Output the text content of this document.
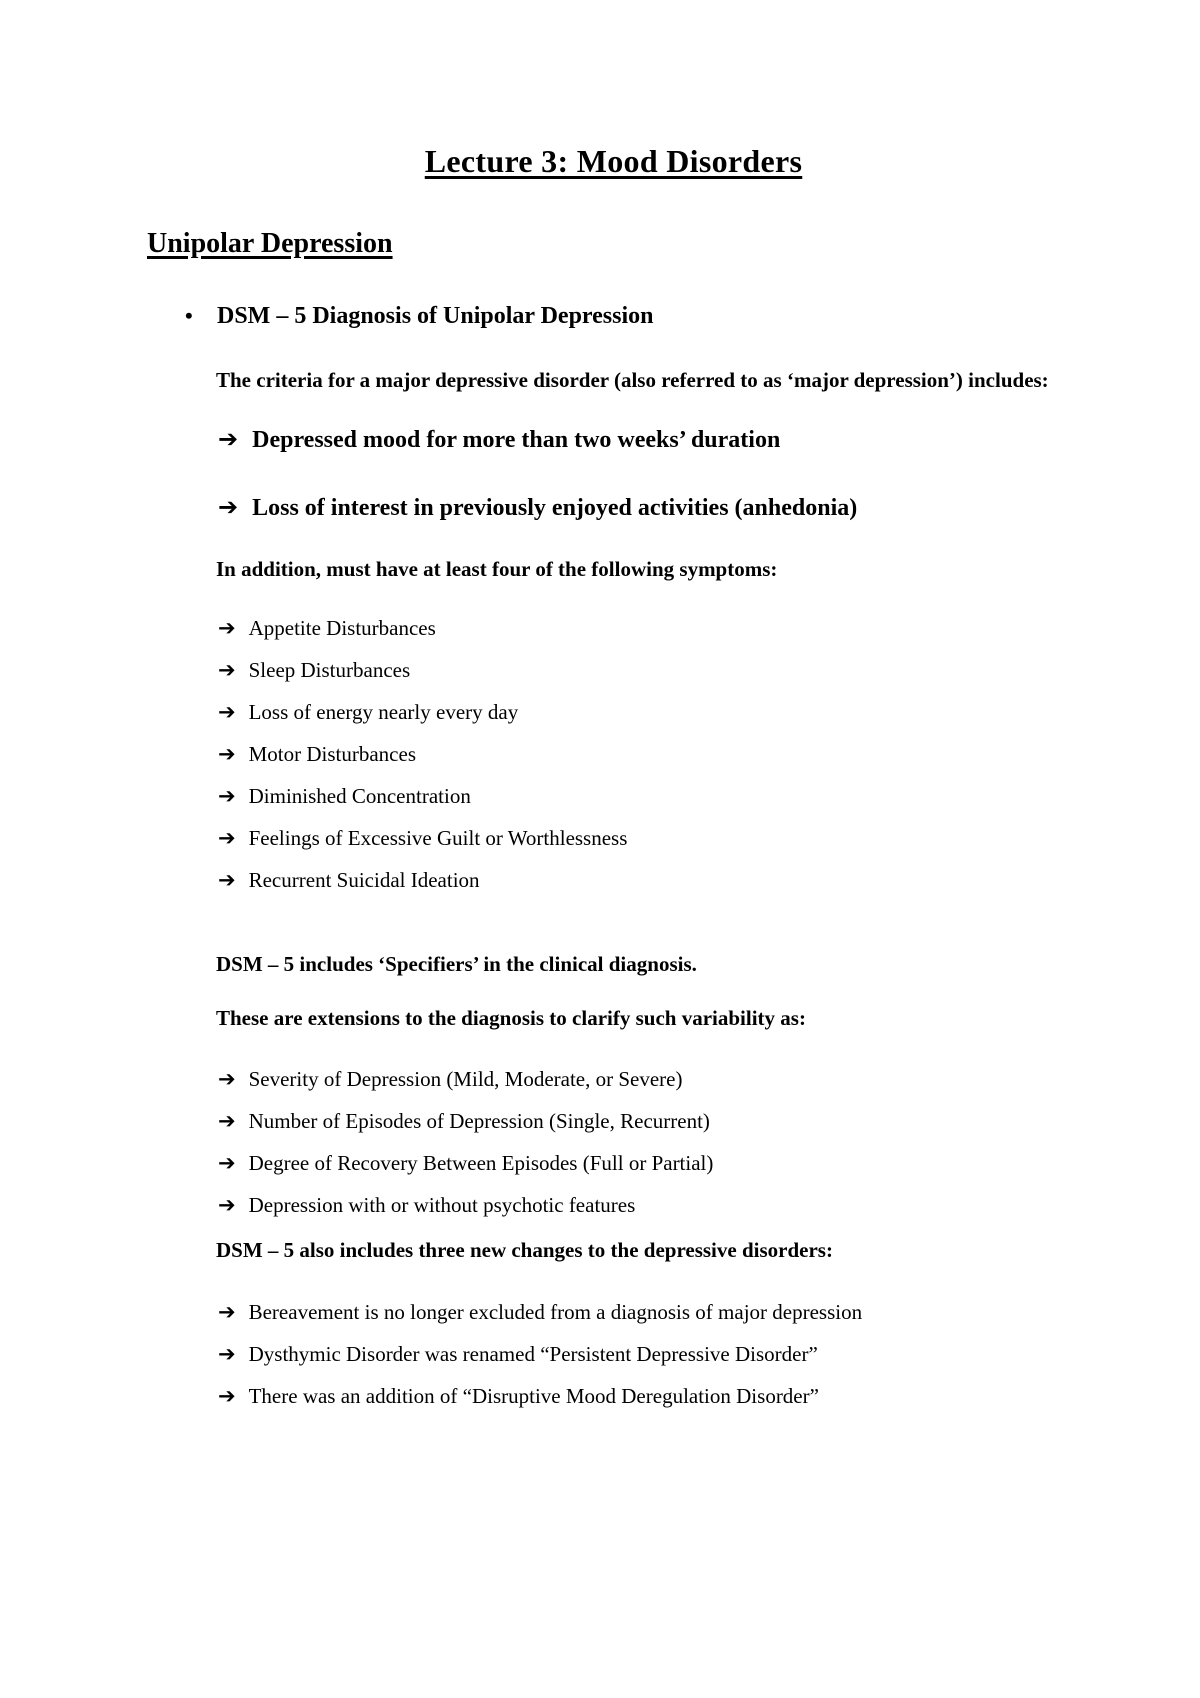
Lecture 3: Mood Disorders
Unipolar Depression
•	DSM – 5 Diagnosis of Unipolar Depression

The criteria for a major depressive disorder (also referred to as ‘major depression’) includes:

➔ Depressed mood for more than two weeks’ duration
➔ Loss of interest in previously enjoyed activities (anhedonia)

In addition, must have at least four of the following symptoms:

➔ Appetite Disturbances
➔ Sleep Disturbances
➔ Loss of energy nearly every day
➔ Motor Disturbances
➔ Diminished Concentration
➔ Feelings of Excessive Guilt or Worthlessness
➔ Recurrent Suicidal Ideation

DSM – 5 includes ‘Specifiers’ in the clinical diagnosis.

These are extensions to the diagnosis to clarify such variability as:

➔ Severity of Depression (Mild, Moderate, or Severe)
➔ Number of Episodes of Depression (Single, Recurrent)
➔ Degree of Recovery Between Episodes (Full or Partial)
➔ Depression with or without psychotic features

DSM – 5 also includes three new changes to the depressive disorders:

➔ Bereavement is no longer excluded from a diagnosis of major depression
➔ Dysthymic Disorder was renamed “Persistent Depressive Disorder”
➔ There was an addition of “Disruptive Mood Deregulation Disorder”
